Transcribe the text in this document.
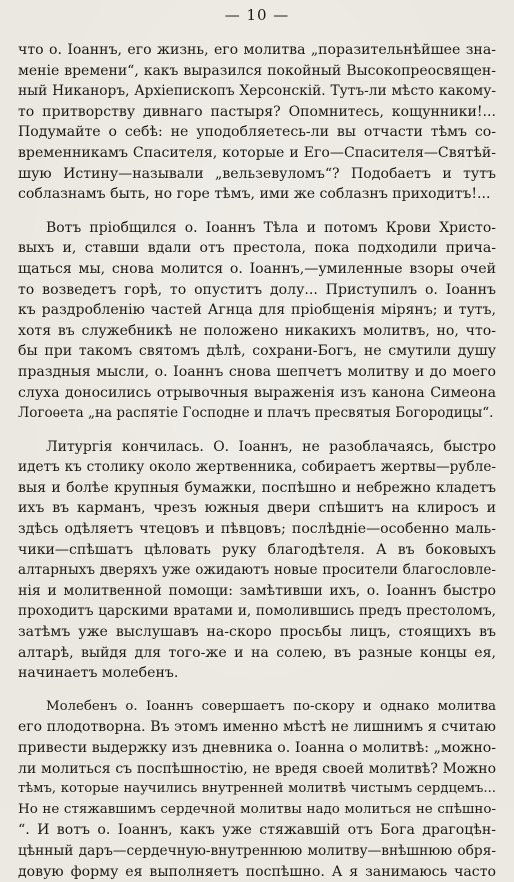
— 10 —
что о. Іоаннъ, его жизнь, его молитва „поразительнѣйшее зна-
меніе времени“, какъ выразился покойный Высокопреосвящен-
ный Никаноръ, Архіепископъ Херсонскій. Тутъ-ли мѣсто какому-
то притворству дивнаго пастыря? Опомнитесь, кощунники!...
Подумайте о себѣ: не уподобляетесь-ли вы отчасти тѣмъ со-
временникамъ Спасителя, которые и Его—Спасителя—Святѣй-
шую Истину—называли „вельзевуломъ“? Подобаетъ и тутъ
соблазнамъ быть, но горе тѣмъ, ими же соблазнъ приходитъ!...
Вотъ пріобщился о. Іоаннъ Тѣла и потомъ Крови Христо-
выхъ и, ставши вдали отъ престола, пока подходили прича-
щаться мы, снова молится о. Іоаннъ,—умиленные взоры очей
то возведетъ горѣ, то опуститъ долу... Приступилъ о. Іоаннъ
къ раздробленію частей Агнца для пріобщенія мірянъ; и тутъ,
хотя въ служебникѣ не положено никакихъ молитвъ, но, что-
бы при такомъ святомъ дѣлѣ, сохрани-Богъ, не смутили душу
праздныя мысли, о. Іоаннъ снова шепчетъ молитву и до моего
слуха доносились отрывочныя выраженія изъ канона Симеона
Логоѳета „на распятіе Господне и плачъ пресвятыя Богородицы“.
Литургія кончилась. О. Іоаннъ, не разоблачаясь, быстро
идетъ къ столику около жертвенника, собираетъ жертвы—рубле-
выя и болѣе крупныя бумажки, поспѣшно и небрежно кладетъ
ихъ въ карманъ, чрезъ южныя двери спѣшитъ на клиросъ и
здѣсь одѣляетъ чтецовъ и пѣвцовъ; послѣдніе—особенно маль-
чики—спѣшатъ цѣловать руку благодѣтеля. А въ боковыхъ
алтарныхъ дверяхъ уже ожидаютъ новые просители благословле-
нія и молитвенной помощи: замѣтивши ихъ, о. Іоаннъ быстро
проходитъ царскими вратами и, помолившись предъ престоломъ,
затѣмъ уже выслушавъ на-скоро просьбы лицъ, стоящихъ въ
алтарѣ, выйдя для того-же и на солею, въ разные концы ея,
начинаетъ молебенъ.
Молебенъ о. Іоаннъ совершаетъ по-скору и однако молитва
его плодотворна. Въ этомъ именно мѣстѣ не лишнимъ я считаю
привести выдержку изъ дневника о. Іоанна о молитвѣ: „можно-
ли молиться съ поспѣшностію, не вредя своей молитвѣ? Можно
тѣмъ, которые научились внутренней молитвѣ чистымъ сердцемъ...
Но не стяжавшимъ сердечной молитвы надо молиться не спѣшно-
“. И вотъ о. Іоаннъ, какъ уже стяжавшій отъ Бога драгоцѣн-
цѣнный даръ—сердечную-внутреннюю молитву—внѣшнюю обря-
довую форму ея выполняетъ поспѣшно. А я занимаюсь часто
